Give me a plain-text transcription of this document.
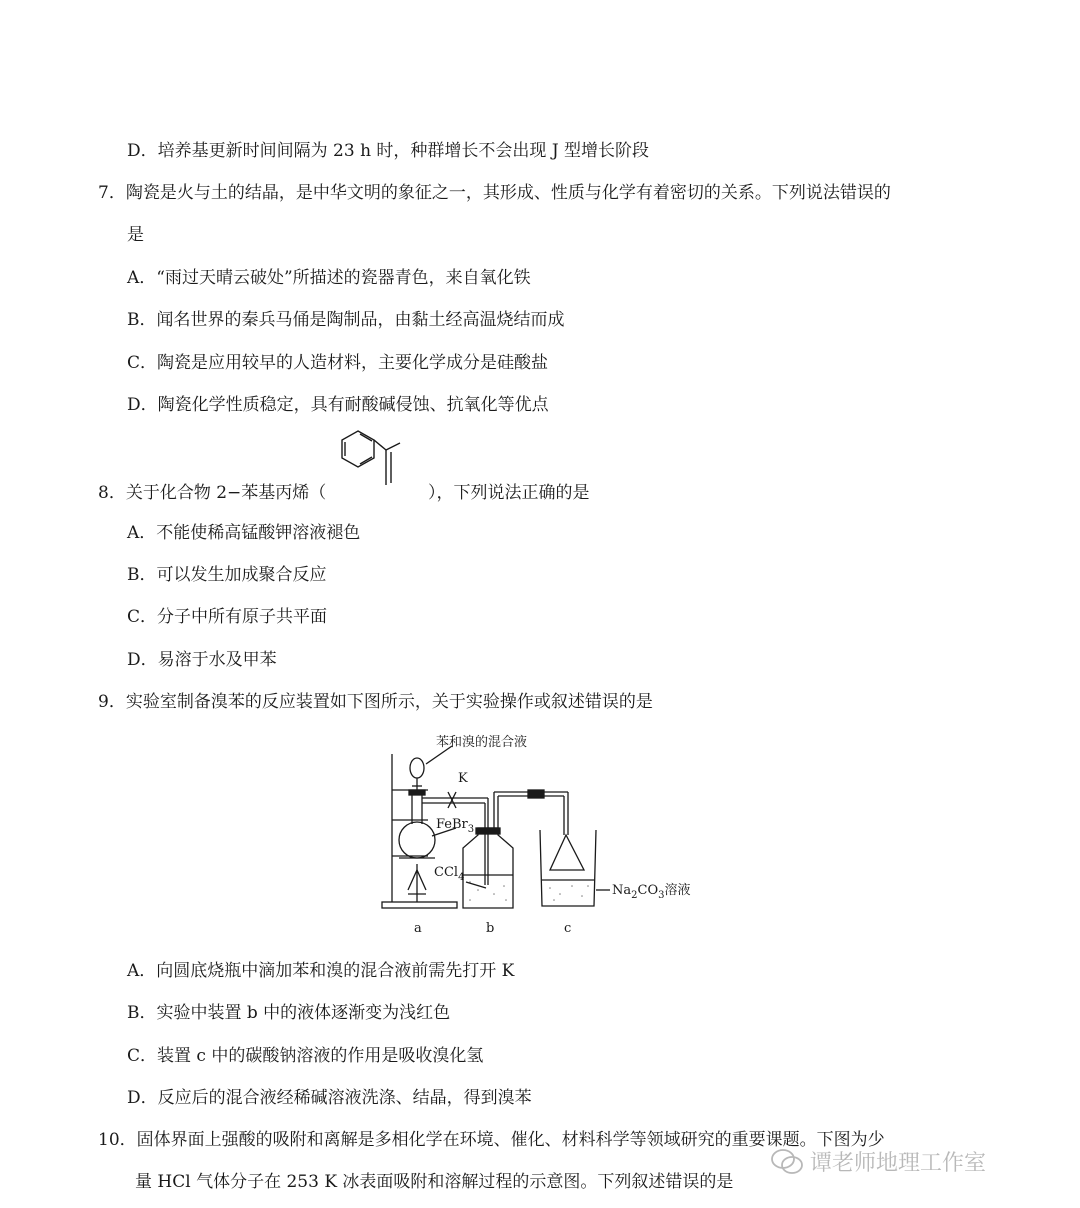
D．培养基更新时间间隔为 23 h 时，种群增长不会出现 J 型增长阶段
7．陶瓷是火与土的结晶，是中华文明的象征之一，其形成、性质与化学有着密切的关系。下列说法错误的
是
A．“雨过天晴云破处”所描述的瓷器青色，来自氧化铁
B．闻名世界的秦兵马俑是陶制品，由黏土经高温烧结而成
C．陶瓷是应用较早的人造材料，主要化学成分是硅酸盐
D．陶瓷化学性质稳定，具有耐酸碱侵蚀、抗氧化等优点
8．关于化合物 2−苯基丙烯（	），下列说法正确的是
A．不能使稀高锰酸钾溶液褪色
B．可以发生加成聚合反应
C．分子中所有原子共平面
D．易溶于水及甲苯
9．实验室制备溴苯的反应装置如下图所示，关于实验操作或叙述错误的是
苯和溴的混合液
K
FeBr$_3$
CCl$_4$
$Na_2CO_3$溶液
a	b	c
A．向圆底烧瓶中滴加苯和溴的混合液前需先打开 K
B．实验中装置 b 中的液体逐渐变为浅红色
C．装置 c 中的碳酸钠溶液的作用是吸收溴化氢
D．反应后的混合液经稀碱溶液洗涤、结晶，得到溴苯
10．固体界面上强酸的吸附和离解是多相化学在环境、催化、材料科学等领域研究的重要课题。下图为少
量 HCl 气体分子在 253 K 冰表面吸附和溶解过程的示意图。下列叙述错误的是
谭老师地理工作室
